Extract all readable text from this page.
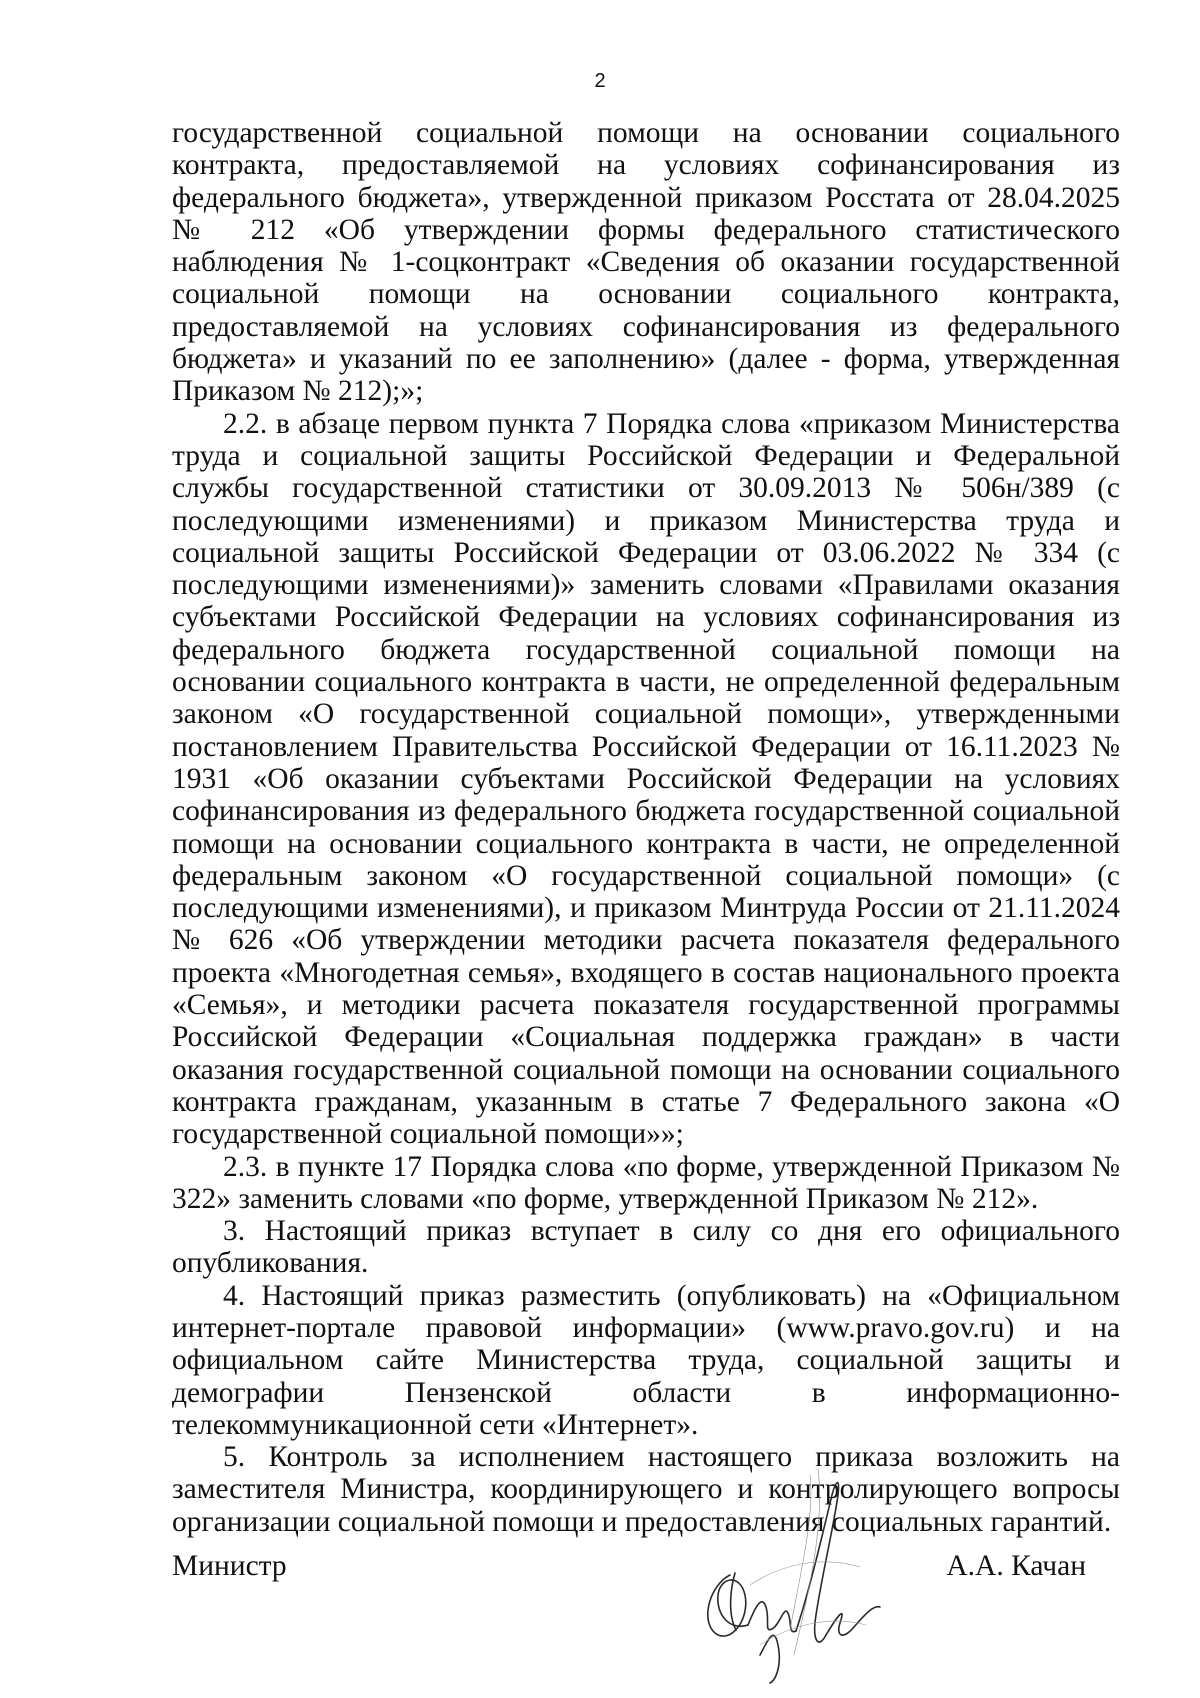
2

государственной социальной помощи на основании социального контракта, предоставляемой на условиях софинансирования из федерального бюджета», утвержденной приказом Росстата от 28.04.2025 № 212 «Об утверждении формы федерального статистического наблюдения № 1-соцконтракт «Сведения об оказании государственной социальной помощи на основании социального контракта, предоставляемой на условиях софинансирования из федерального бюджета» и указаний по ее заполнению» (далее - форма, утвержденная Приказом № 212);»;

2.2. в абзаце первом пункта 7 Порядка слова «приказом Министерства труда и социальной защиты Российской Федерации и Федеральной службы государственной статистики от 30.09.2013 № 506н/389 (с последующими изменениями) и приказом Министерства труда и социальной защиты Российской Федерации от 03.06.2022 № 334 (с последующими изменениями)» заменить словами «Правилами оказания субъектами Российской Федерации на условиях софинансирования из федерального бюджета государственной социальной помощи на основании социального контракта в части, не определенной федеральным законом «О государственной социальной помощи», утвержденными постановлением Правительства Российской Федерации от 16.11.2023 № 1931 «Об оказании субъектами Российской Федерации на условиях софинансирования из федерального бюджета государственной социальной помощи на основании социального контракта в части, не определенной федеральным законом «О государственной социальной помощи» (с последующими изменениями), и приказом Минтруда России от 21.11.2024 № 626 «Об утверждении методики расчета показателя федерального проекта «Многодетная семья», входящего в состав национального проекта «Семья», и методики расчета показателя государственной программы Российской Федерации «Социальная поддержка граждан» в части оказания государственной социальной помощи на основании социального контракта гражданам, указанным в статье 7 Федерального закона «О государственной социальной помощи»»;

2.3. в пункте 17 Порядка слова «по форме, утвержденной Приказом № 322» заменить словами «по форме, утвержденной Приказом № 212».

3. Настоящий приказ вступает в силу со дня его официального опубликования.

4. Настоящий приказ разместить (опубликовать) на «Официальном интернет-портале правовой информации» (www.pravo.gov.ru) и на официальном сайте Министерства труда, социальной защиты и демографии Пензенской области в информационно-телекоммуникационной сети «Интернет».

5. Контроль за исполнением настоящего приказа возложить на заместителя Министра, координирующего и контролирующего вопросы организации социальной помощи и предоставления социальных гарантий.

Министр	А.А. Качан
